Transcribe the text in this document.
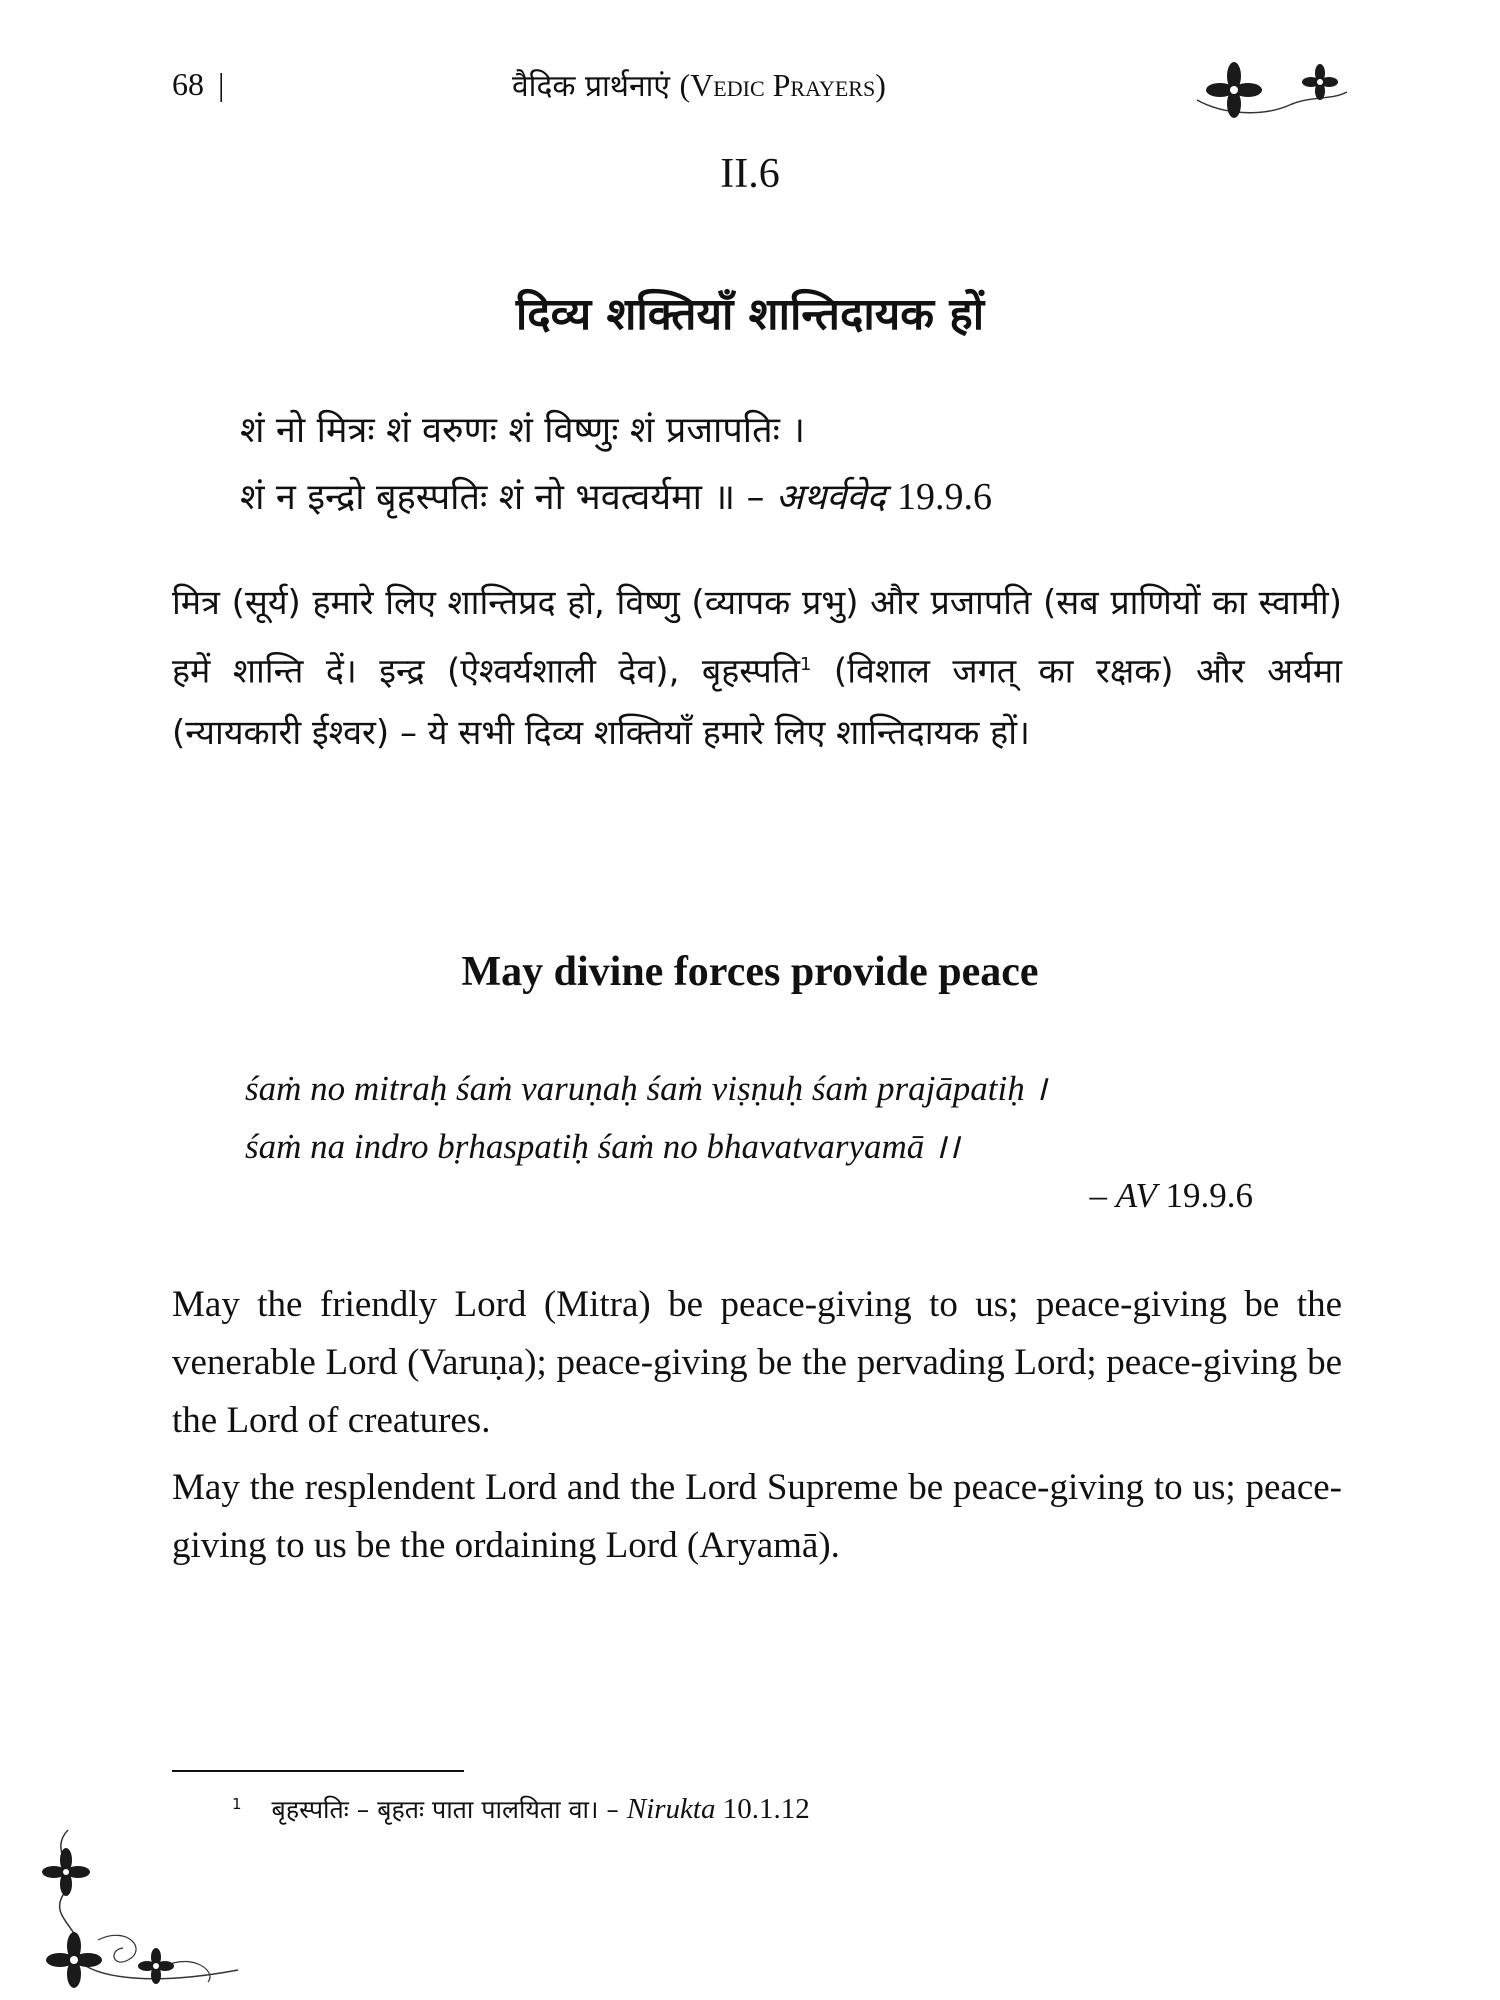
68 |	वैदिक प्रार्थनाएं (Vedic Prayers)
II.6
दिव्य शक्तियाँ शान्तिदायक हों
शं नो मित्रः शं वरुणः शं विष्णुः शं प्रजापतिः ।
शं न इन्द्रो बृहस्पतिः शं नो भवत्वर्यमा ॥ – अथर्ववेद 19.9.6

मित्र (सूर्य) हमारे लिए शान्तिप्रद हो, विष्णु (व्यापक प्रभु) और प्रजापति (सब प्राणियों का स्वामी) हमें शान्ति दें। इन्द्र (ऐश्वर्यशाली देव), बृहस्पति$^1$ (विशाल जगत् का रक्षक) और अर्यमा (न्यायकारी ईश्वर) – ये सभी दिव्य शक्तियाँ हमारे लिए शान्तिदायक हों।

May divine forces provide peace
śaṁ no mitraḥ śaṁ varuṇaḥ śaṁ viṣṇuḥ śaṁ prajāpatiḥ ।
śaṁ na indro bṛhaspatiḥ śaṁ no bhavatvaryamā ।।
– AV 19.9.6

May the friendly Lord (Mitra) be peace-giving to us; peace-giving be the venerable Lord (Varuṇa); peace-giving be the pervading Lord; peace-giving be the Lord of creatures.

May the resplendent Lord and the Lord Supreme be peace-giving to us; peace-giving to us be the ordaining Lord (Aryamā).

$^1$ बृहस्पतिः – बृहतः पाता पालयिता वा। – Nirukta 10.1.12
